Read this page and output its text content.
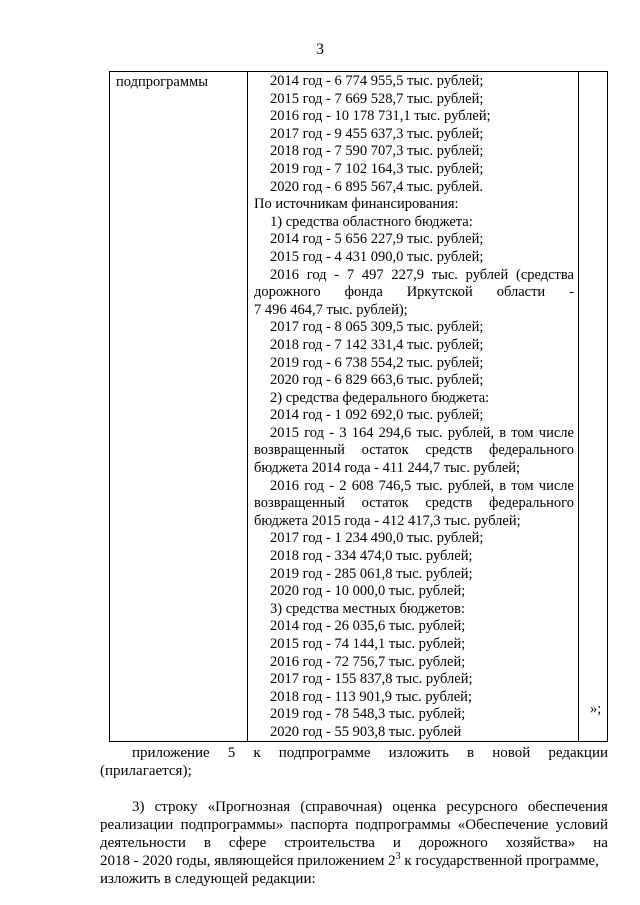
3
подпрограммы	2014 год - 6 774 955,5 тыс. рублей;
2015 год - 7 669 528,7 тыс. рублей;
2016 год - 10 178 731,1 тыс. рублей;
2017 год - 9 455 637,3 тыс. рублей;
2018 год - 7 590 707,3 тыс. рублей;
2019 год - 7 102 164,3 тыс. рублей;
2020 год - 6 895 567,4 тыс. рублей.
По источникам финансирования:
1) средства областного бюджета:
2014 год - 5 656 227,9 тыс. рублей;
2015 год - 4 431 090,0 тыс. рублей;
2016 год - 7 497 227,9 тыс. рублей (средства
дорожного фонда Иркутской области -
7 496 464,7 тыс. рублей);
2017 год - 8 065 309,5 тыс. рублей;
2018 год - 7 142 331,4 тыс. рублей;
2019 год - 6 738 554,2 тыс. рублей;
2020 год - 6 829 663,6 тыс. рублей;
2) средства федерального бюджета:
2014 год - 1 092 692,0 тыс. рублей;
2015 год - 3 164 294,6 тыс. рублей, в том числе
возвращенный остаток средств федерального
бюджета 2014 года - 411 244,7 тыс. рублей;
2016 год - 2 608 746,5 тыс. рублей, в том числе
возвращенный остаток средств федерального
бюджета 2015 года - 412 417,3 тыс. рублей;
2017 год - 1 234 490,0 тыс. рублей;
2018 год - 334 474,0 тыс. рублей;
2019 год - 285 061,8 тыс. рублей;
2020 год - 10 000,0 тыс. рублей;
3) средства местных бюджетов:
2014 год - 26 035,6 тыс. рублей;
2015 год - 74 144,1 тыс. рублей;
2016 год - 72 756,7 тыс. рублей;
2017 год - 155 837,8 тыс. рублей;
2018 год - 113 901,9 тыс. рублей;
2019 год - 78 548,3 тыс. рублей;
2020 год - 55 903,8 тыс. рублей
»;
приложение 5 к подпрограмме изложить в новой редакции
(прилагается);
3) строку «Прогнозная (справочная) оценка ресурсного обеспечения
реализации подпрограммы» паспорта подпрограммы «Обеспечение условий
деятельности в сфере строительства и дорожного хозяйства» на
2018 - 2020 годы, являющейся приложением $2^3$ к государственной программе,
изложить в следующей редакции:
